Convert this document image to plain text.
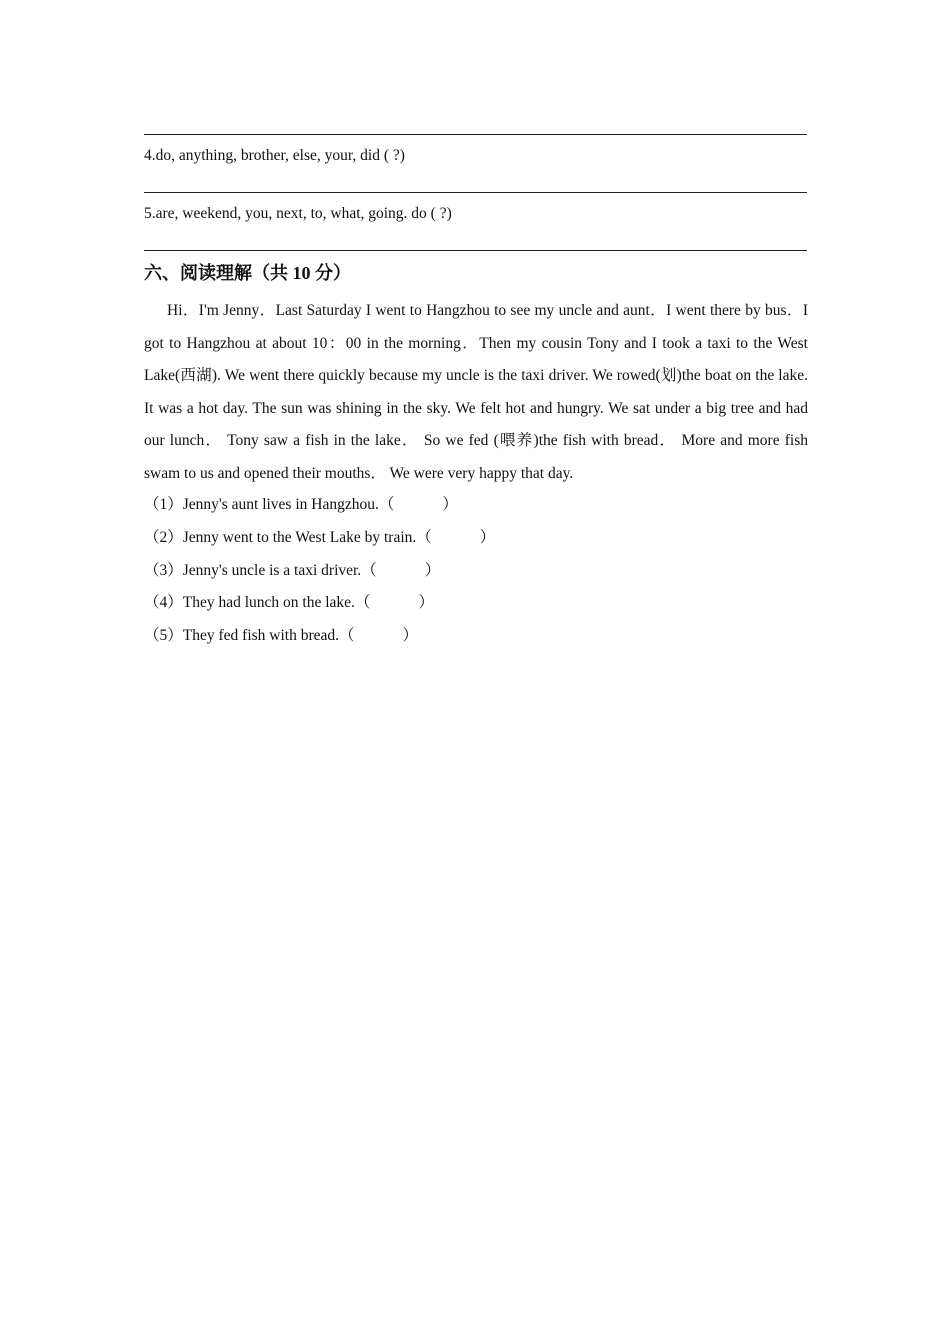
4.do, anything, brother, else, your, did ( ?)
5.are, weekend, you, next, to, what, going. do ( ?)
六、阅读理解（共 10 分）

Hi．I'm Jenny．Last Saturday I went to Hangzhou to see my uncle and aunt．I went there by bus．I got to Hangzhou at about 10：00 in the morning．Then my cousin Tony and I took a taxi to the West Lake(西湖). We went there quickly because my uncle is the taxi driver. We rowed(划)the boat on the lake. It was a hot day. The sun was shining in the sky. We felt hot and hungry. We sat under a big tree and had our lunch． Tony saw a fish in the lake． So we fed (喂养)the fish with bread． More and more fish swam to us and opened their mouths． We were very happy that day.

（1）Jenny's aunt lives in Hangzhou.（	）
（2）Jenny went to the West Lake by train.（	）
（3）Jenny's uncle is a taxi driver.（	）
（4）They had lunch on the lake.（	）
（5）They fed fish with bread.（	）
